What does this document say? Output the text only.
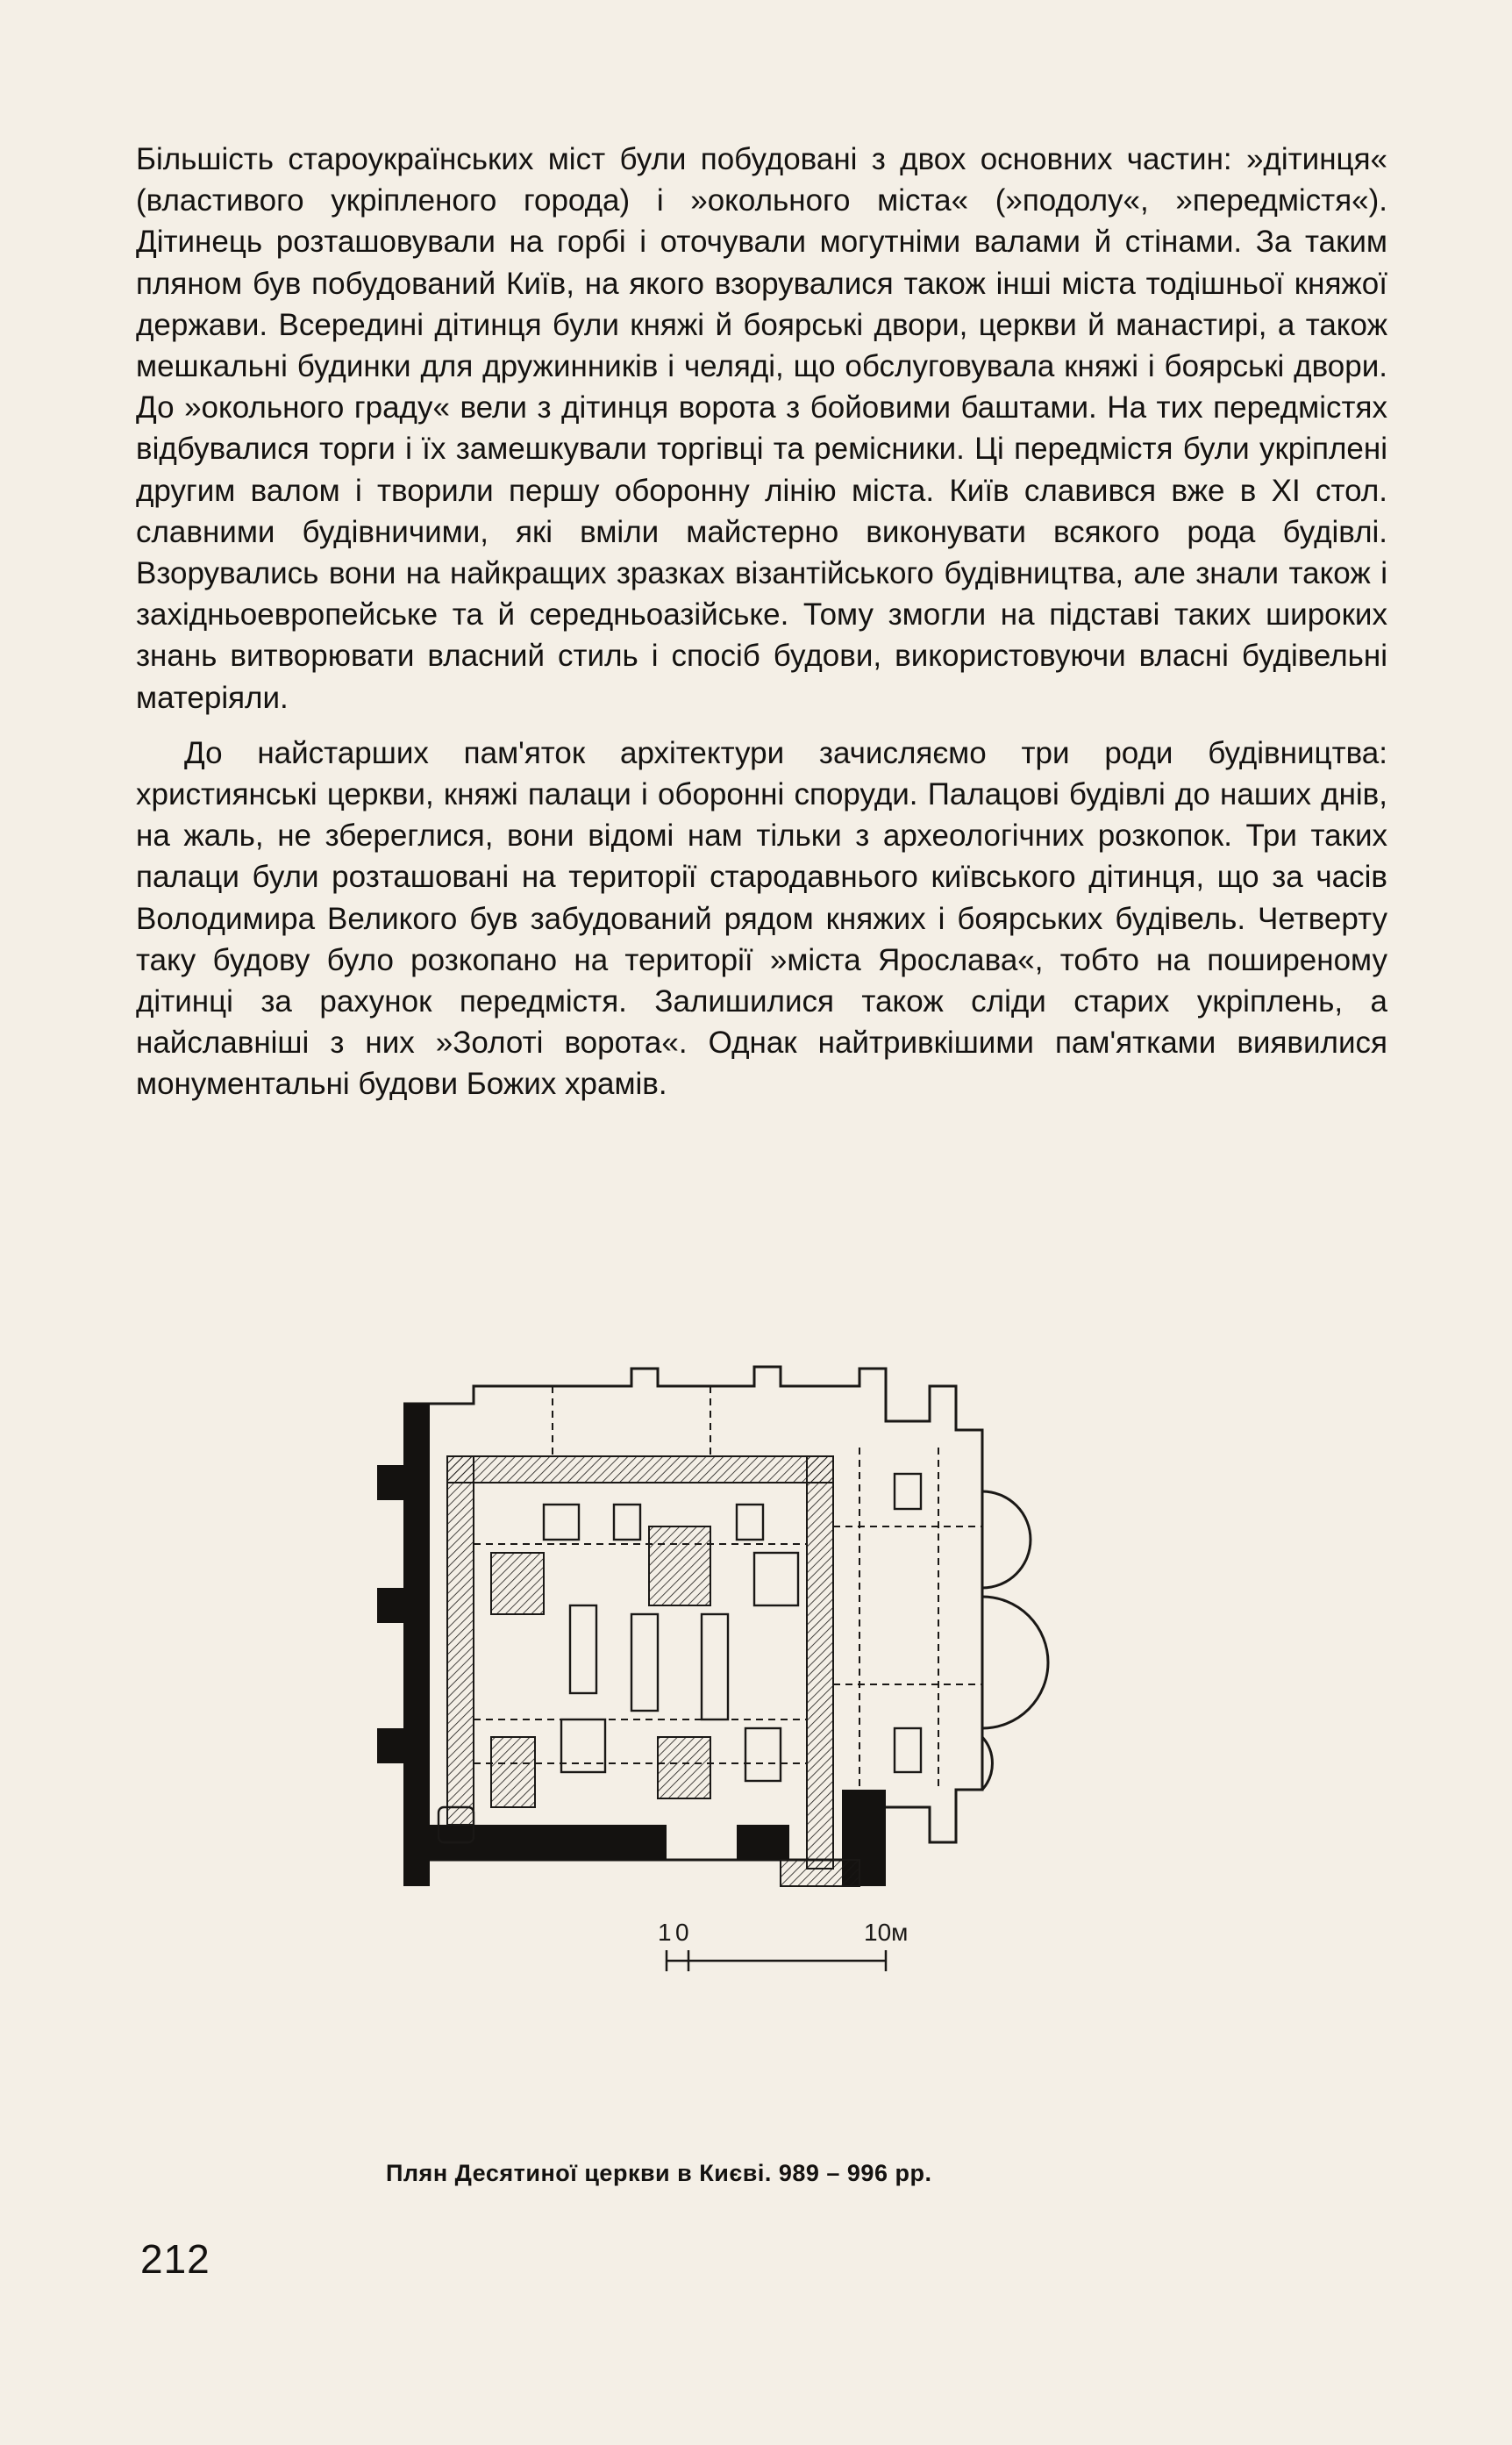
Більшість староукраїнських міст були побудовані з двох основних частин: »дітинця« (властивого укріпленого города) і »окольного міста« (»подолу«, »передмістя«). Дітинець розташовували на горбі і оточували могутніми валами й стінами. За таким пляном був побудований Київ, на якого взорувалися також інші міста тодішньої княжої держави. Всередині дітинця були княжі й боярські двори, церкви й манастирі, а також мешкальні будинки для дружинників і челяді, що обслуговувала княжі і боярські двори. До »окольного граду« вели з дітинця ворота з бойовими баштами. На тих передмістях відбувалися торги і їх замешкували торгівці та ремісники. Ці передмістя були укріплені другим валом і творили першу оборонну лінію міста. Київ славився вже в XI стол. славними будівничими, які вміли майстерно виконувати всякого рода будівлі. Взорувались вони на найкращих зразках візантійського будівництва, але знали також і західньоевропейське та й середньоазійське. Тому змогли на підставі таких широких знань витворювати власний стиль і спосіб будови, використовуючи власні будівельні матеріяли.

До найстарших пам'яток архітектури зачисляємо три роди будівництва: християнські церкви, княжі палаци і оборонні споруди. Палацові будівлі до наших днів, на жаль, не збереглися, вони відомі нам тільки з археологічних розкопок. Три таких палаци були розташовані на території стародавнього київського дітинця, що за часів Володимира Великого був забудований рядом княжих і боярських будівель. Четверту таку будову було розкопано на території »міста Ярослава«, тобто на поширеному дітинці за рахунок передмістя. Залишилися також сліди старих укріплень, а найславніші з них »Золоті ворота«. Однак найтривкішими пам'ятками виявилися монументальні будови Божих храмів.

1 0	10м
Плян Десятиної церкви в Києві. 989 – 996 рр.
212
